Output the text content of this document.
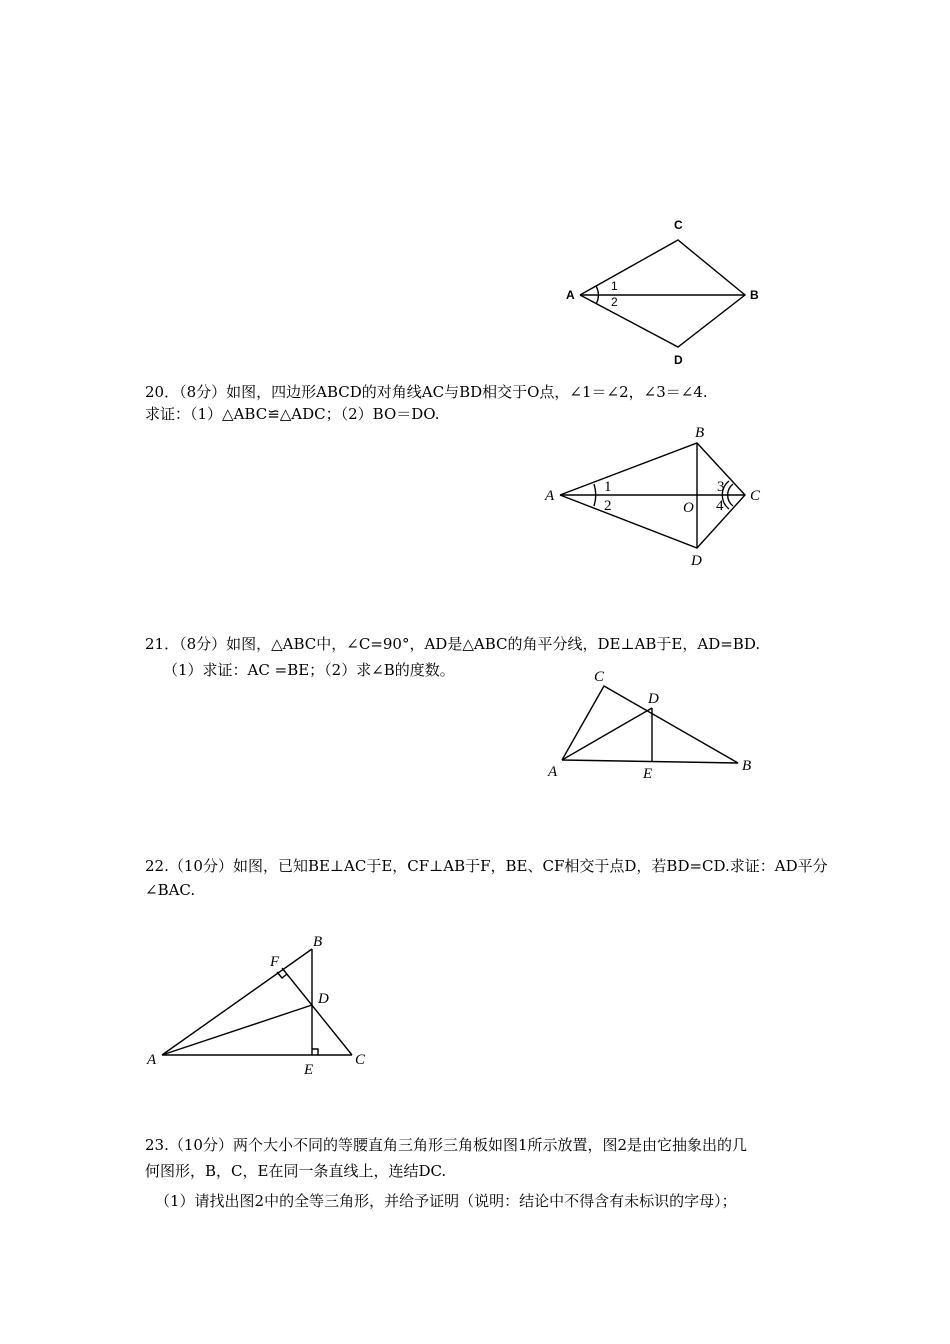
C
A	B
D
1
2
20．（8分）如图，四边形ABCD的对角线AC与BD相交于O点，∠1＝∠2，∠3＝∠4.
求证：（1）△ABC≌△ADC；（2）BO＝DO.
B
A	C
D
O
1
2
3
4
21．（8分）如图，△ABC中，∠C=90°，AD是△ABC的角平分线，DE⊥AB于E，AD=BD.
（1）求证：AC =BE；（2）求∠B的度数。	C
D
A	E	B
22.（10分）如图，已知BE⊥AC于E，CF⊥AB于F，BE、CF相交于点D，若BD=CD.求证：AD平分
∠BAC.
B
F
D
A
E
C
23.（10分）两个大小不同的等腰直角三角形三角板如图1所示放置，图2是由它抽象出的几
何图形，B，C，E在同一条直线上，连结DC.
（1）请找出图2中的全等三角形，并给予证明（说明：结论中不得含有未标识的字母）；
